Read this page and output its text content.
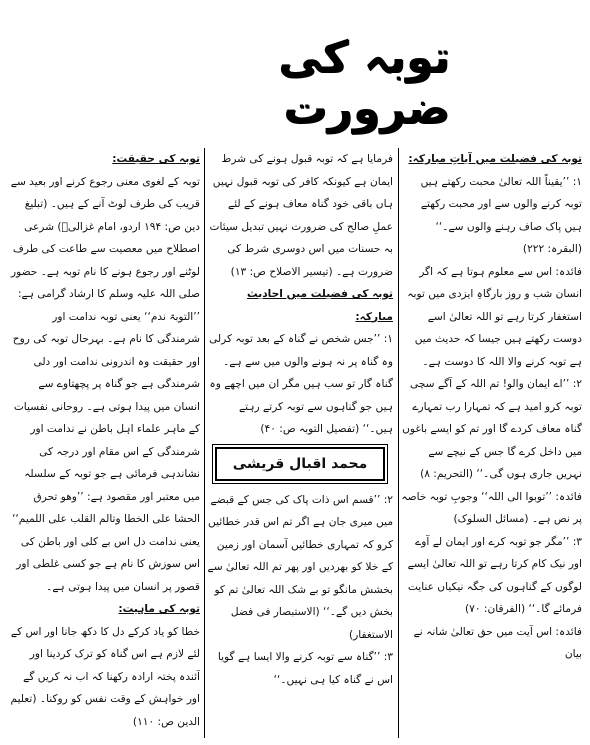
توبہ کی ضرورت

توبہ کی فضیلت میں آیاتِ مبارکہ:

۱: ’’یقیناً اللہ تعالیٰ محبت رکھتے ہیں توبہ کرنے والوں سے اور محبت رکھتے ہیں پاک صاف رہنے والوں سے۔‘‘ (البقرہ: ۲۲۲)

فائدہ: اس سے معلوم ہوتا ہے کہ اگر انسان شب و روز بارگاہِ ایزدی میں توبہ استغفار کرتا رہے تو اللہ تعالیٰ اسے دوست رکھتے ہیں جیسا کہ حدیث میں ہے توبہ کرنے والا اللہ کا دوست ہے۔

۲: ’’اے ایمان والو! تم اللہ کے آگے سچی توبہ کرو امید ہے کہ تمہارا رب تمہارے گناہ معاف کردے گا اور تم کو ایسے باغوں میں داخل کرے گا جس کے نیچے سے نہریں جاری ہوں گی۔‘‘ (التحریم: ۸)

فائدہ: ’’توبوا الی اللہ‘‘ وجوبِ توبہ خاصہ پر نص ہے۔ (مسائل السلوک)

۳: ’’مگر جو توبہ کرے اور ایمان لے آوے اور نیک کام کرتا رہے تو اللہ تعالیٰ ایسے لوگوں کے گناہوں کی جگہ نیکیاں عنایت فرمائے گا۔‘‘ (الفرقان: ۷۰)

فائدہ: اس آیت میں حق تعالیٰ شانہ نے بیان

فرمایا ہے کہ توبہ قبول ہونے کی شرط ایمان ہے کیونکہ کافر کی توبہ قبول نہیں ہاں باقی خود گناہ معاف ہونے کے لئے عملِ صالح کی ضرورت نہیں تبدیل سیئات بہ حسنات میں اس دوسری شرط کی ضرورت ہے۔ (تیسیر الاصلاح ص: ۱۳)

توبہ کی فضیلت میں احادیث مبارکہ:

۱: ’’جس شخص نے گناہ کے بعد توبہ کرلی وہ گناہ پر نہ ہونے والوں میں سے ہے۔ گناہ گار تو سب ہیں مگر ان میں اچھے وہ ہیں جو گناہوں سے توبہ کرتے رہتے ہیں۔‘‘ (تفصیل التوبہ ص: ۴۰)

محمد اقبال قریشی

۲: ’’قسم اس ذات پاک کی جس کے قبضے میں میری جان ہے اگر تم اس قدر خطائیں کرو کہ تمہاری خطائیں آسمان اور زمین کے خلا کو بھردیں اور پھر تم اللہ تعالیٰ سے بخشش مانگو تو بے شک اللہ تعالیٰ تم کو بخش دیں گے۔‘‘ (الاستبصار فی فضل الاستغفار)

۳: ’’گناہ سے توبہ کرنے والا ایسا ہے گویا اس نے گناہ کیا ہی نہیں۔‘‘

توبہ کی حقیقت:

توبہ کے لغوی معنی رجوع کرنے اور بعید سے قریب کی طرف لوٹ آنے کے ہیں۔ (تبلیغ دین ص: ۱۹۴ اردو، امام غزالیؒ) شرعی اصطلاح میں معصیت سے طاعت کی طرف لوٹنے اور رجوع ہونے کا نام توبہ ہے۔ حضور صلی اللہ علیہ وسلم کا ارشاد گرامی ہے: ’’التوبۃ ندم‘‘ یعنی توبہ ندامت اور شرمندگی کا نام ہے۔ بہرحال توبہ کی روح اور حقیقت وہ اندرونی ندامت اور دلی شرمندگی ہے جو گناہ پر پچھتاوے سے انسان میں پیدا ہوتی ہے۔ روحانی نفسیات کے ماہر علماء اہل باطن نے ندامت اور شرمندگی کے اس مقام اور درجہ کی نشاندہی فرمائی ہے جو توبہ کے سلسلہ میں معتبر اور مقصود ہے: ’’وھو تحرق الحشا علی الخطا وتالم القلب علی اللمیم‘‘ یعنی ندامت دل اس بے کلی اور باطن کی اس سوزش کا نام ہے جو کسی غلطی اور قصور پر انسان میں پیدا ہوتی ہے۔

توبہ کی ماہیت:

خطا کو یاد کرکے دل کا دکھ جانا اور اس کے لئے لازم ہے اس گناہ کو ترک کردینا اور آئندہ پختہ ارادہ رکھنا کہ اب نہ کریں گے اور خواہش کے وقت نفس کو روکنا۔ (تعلیم الدین ص: ۱۱۰)
